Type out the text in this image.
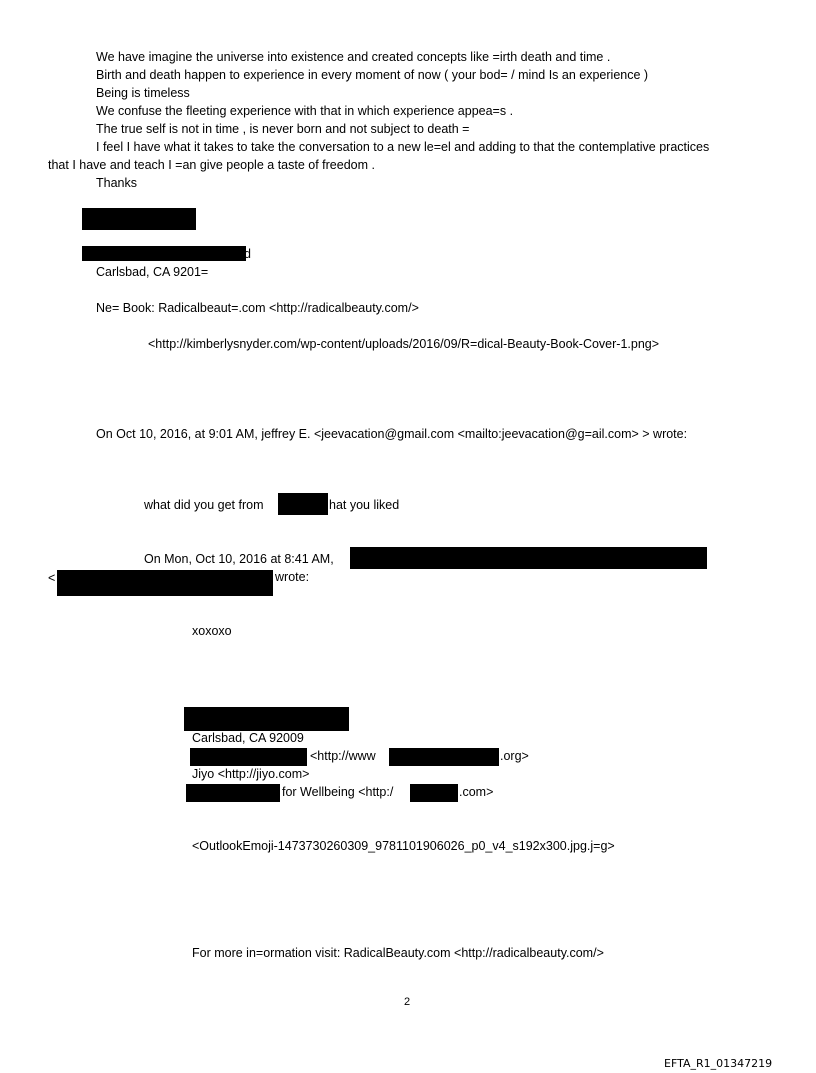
We have imagine the universe into existence and created concepts like =irth death and time .
Birth and death happen to experience in every moment of now ( your bod= / mind Is an experience )
Being is timeless
We confuse the fleeting experience with that in which experience appea=s .
The true self is not in time , is never born and not subject to death =
I feel I have what it takes to take the conversation to a new le=el and adding to that the contemplative practices
that I have and teach I =an give people a taste of freedom .
Thanks
d
Carlsbad, CA 9201=
Ne= Book: Radicalbeaut=.com <http://radicalbeauty.com/>
<http://kimberlysnyder.com/wp-content/uploads/2016/09/R=dical-Beauty-Book-Cover-1.png>
On Oct 10, 2016, at 9:01 AM, jeffrey E. <jeevacation@gmail.com <mailto:jeevacation@g=ail.com> > wrote:
what did you get from	hat you liked
On Mon, Oct 10, 2016 at 8:41 AM,
<	wrote:
xoxoxo
Carlsbad, CA 92009
<http://www	.org>
Jiyo <http://jiyo.com>
for Wellbeing <http:/	.com>
<OutlookEmoji-1473730260309_9781101906026_p0_v4_s192x300.jpg.j=g>
For more in=ormation visit: RadicalBeauty.com <http://radicalbeauty.com/>
2
EFTA_R1_01347219
